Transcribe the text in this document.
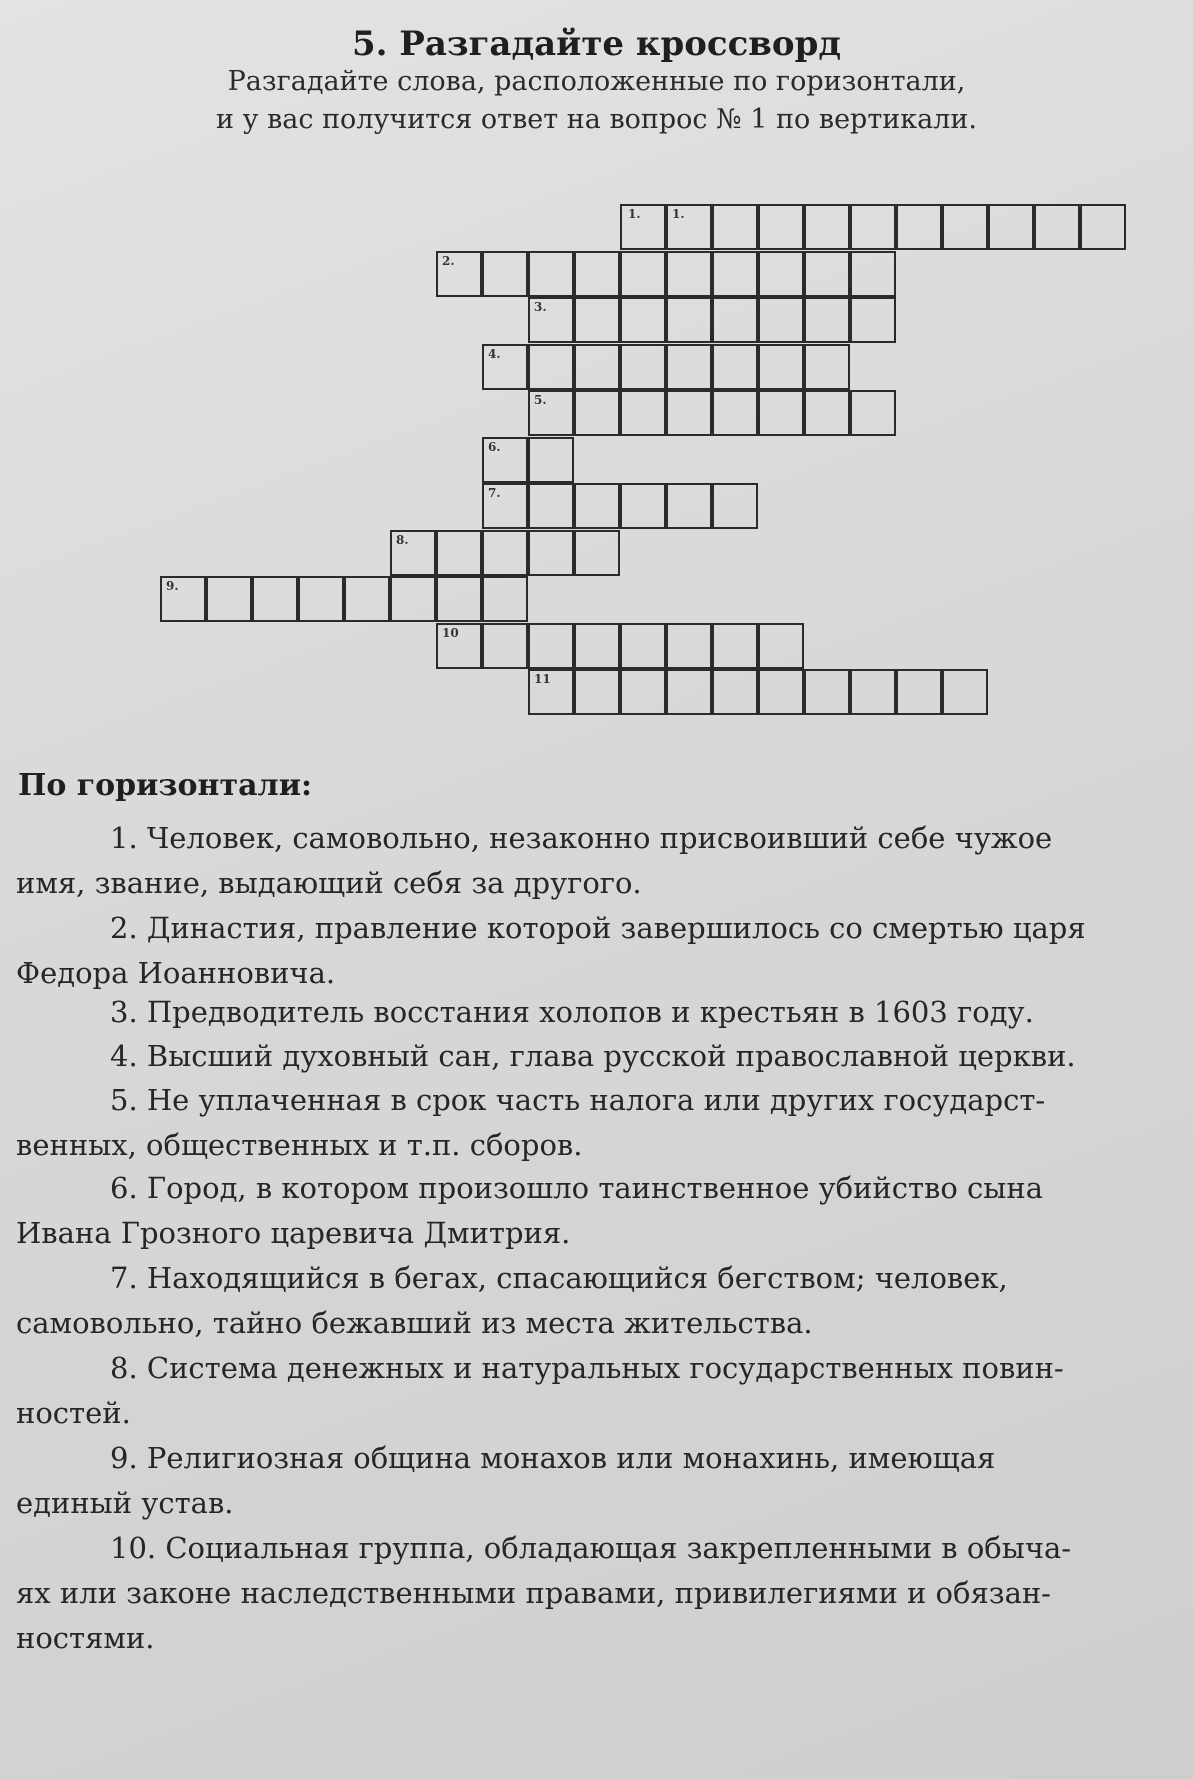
5. Разгадайте кроссворд
Разгадайте слова, расположенные по горизонтали,
и у вас получится ответ на вопрос № 1 по вертикали.
1.
1.
2.
3.
4.
5.
6.
7.
8.
9.
10
11
По горизонтали:
1. Человек, самовольно, незаконно присвоивший себе чужое
имя, звание, выдающий себя за другого.
2. Династия, правление которой завершилось со смертью царя
Федора Иоанновича.
3. Предводитель восстания холопов и крестьян в 1603 году.
4. Высший духовный сан, глава русской православной церкви.
5. Не уплаченная в срок часть налога или других государст-
венных, общественных и т.п. сборов.
6. Город, в котором произошло таинственное убийство сына
Ивана Грозного царевича Дмитрия.
7. Находящийся в бегах, спасающийся бегством; человек,
самовольно, тайно бежавший из места жительства.
8. Система денежных и натуральных государственных повин-
ностей.
9. Религиозная община монахов или монахинь, имеющая
единый устав.
10. Социальная группа, обладающая закрепленными в обыча-
ях или законе наследственными правами, привилегиями и обязан-
ностями.
